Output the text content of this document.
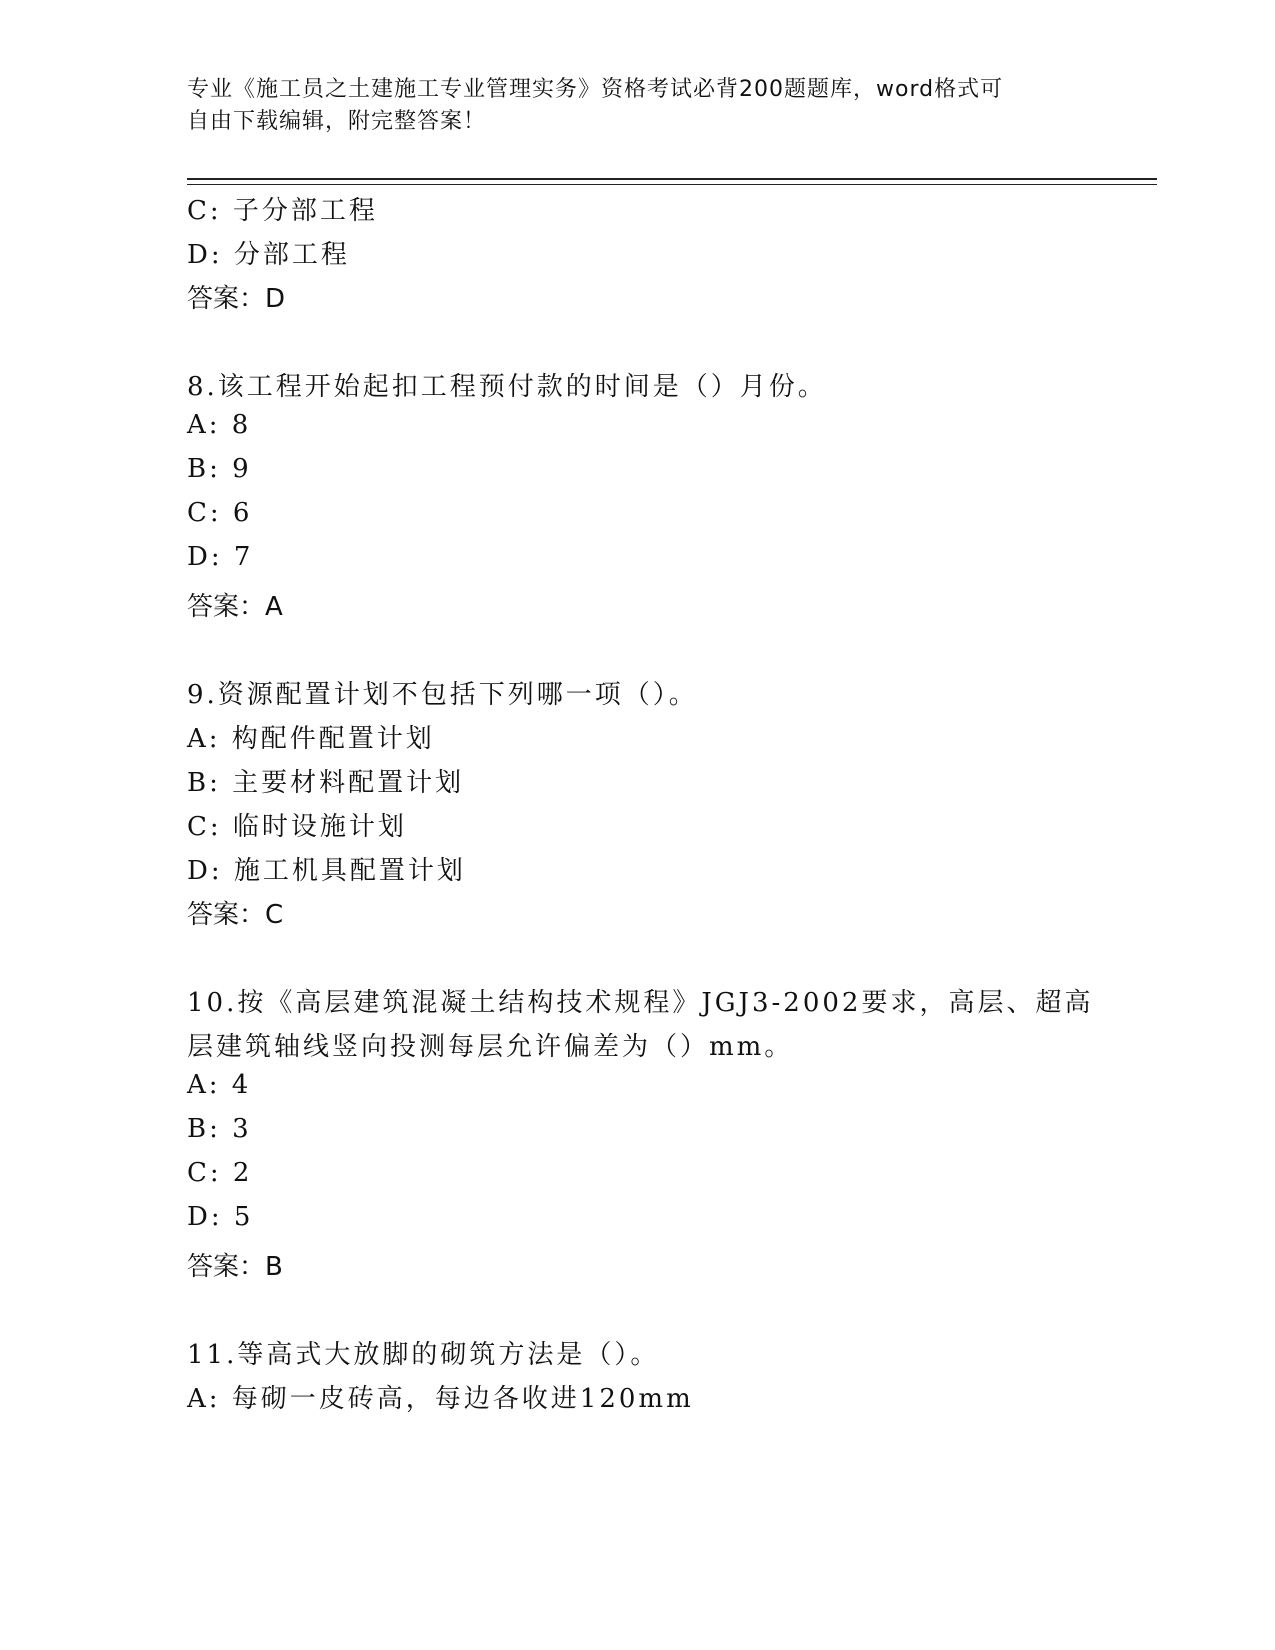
专业《施工员之土建施工专业管理实务》资格考试必背200题题库，word格式可
自由下载编辑，附完整答案！
C: 子分部工程
D: 分部工程
答案：D
8.该工程开始起扣工程预付款的时间是（）月份。
A: 8
B: 9
C: 6
D: 7
答案：A
9.资源配置计划不包括下列哪一项（）。
A: 构配件配置计划
B: 主要材料配置计划
C: 临时设施计划
D: 施工机具配置计划
答案：C
10.按《高层建筑混凝土结构技术规程》JGJ3-2002要求，高层、超高
层建筑轴线竖向投测每层允许偏差为（）mm。
A: 4
B: 3
C: 2
D: 5
答案：B
11.等高式大放脚的砌筑方法是（）。
A: 每砌一皮砖高，每边各收进120mm
